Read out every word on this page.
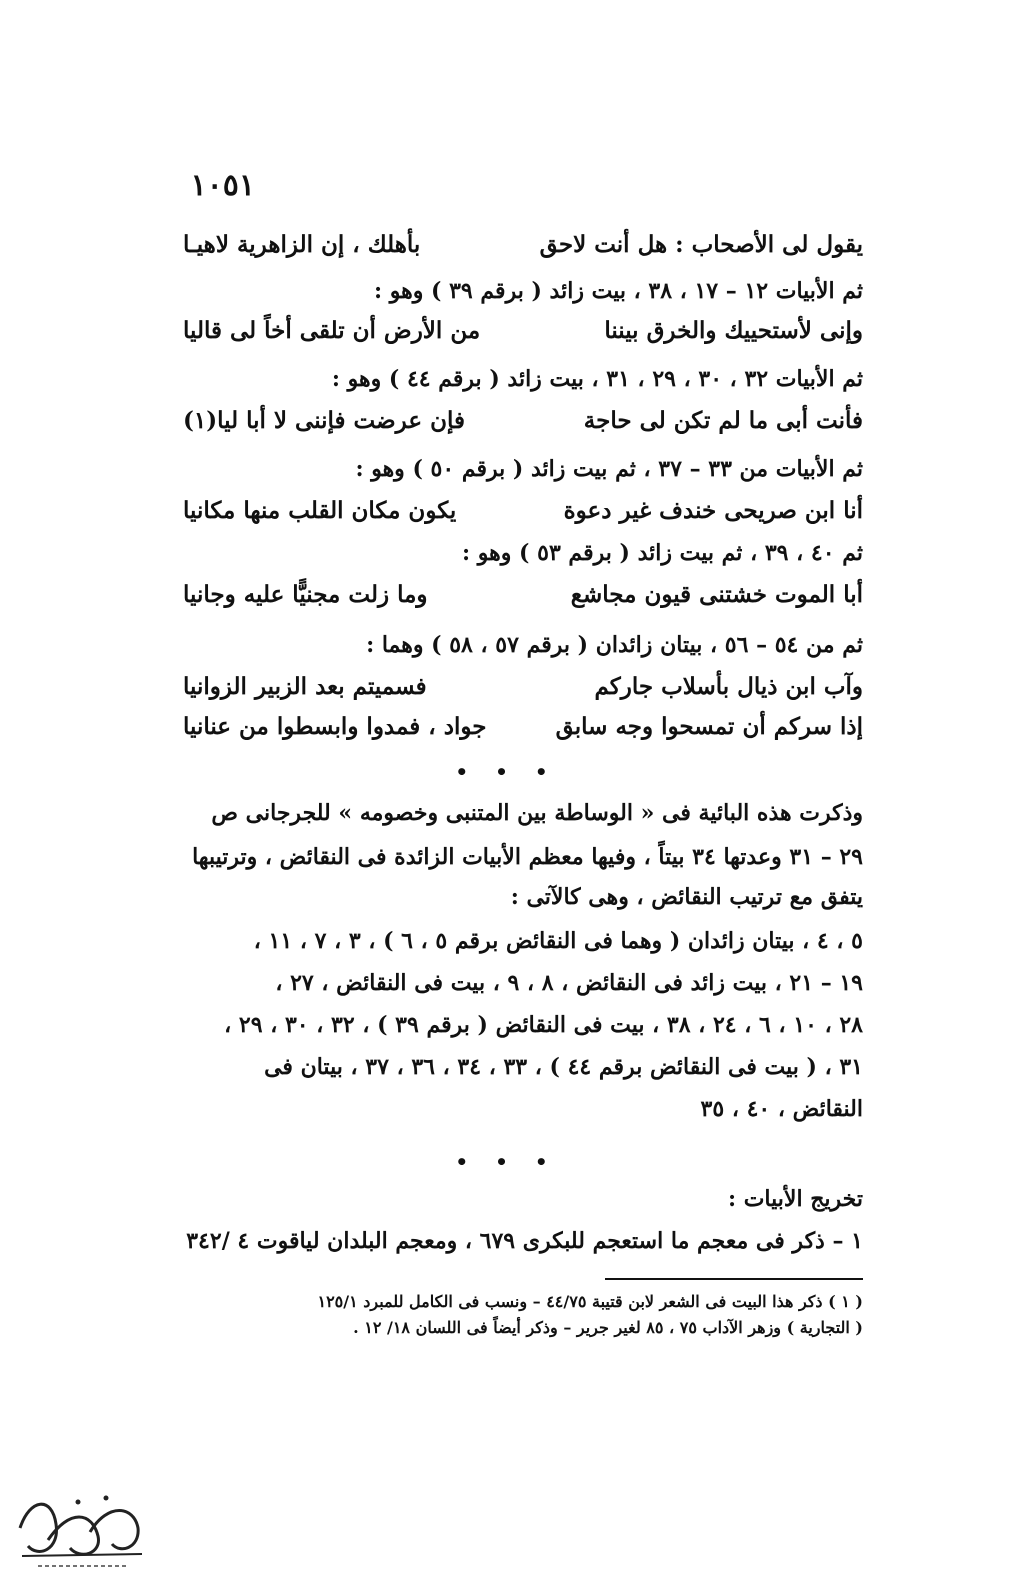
١٠٥١
يقول لى الأصحاب : هل أنت لاحق
بأهلك ، إن الزاهرية لاهيـا
ثم الأبيات ١٢ – ١٧ ، ٣٨ ، بيت زائد ( برقم ٣٩ ) وهو :
وإنى لأستحييك والخرق بيننا
من الأرض أن تلقى أخاً لى قاليا
ثم الأبيات ٣٢ ، ٣٠ ، ٢٩ ، ٣١ ، بيت زائد ( برقم ٤٤ ) وهو :
فأنت أبى ما لم تكن لى حاجة
فإن عرضت فإننى لا أبا ليا(١)
ثم الأبيات من ٣٣ – ٣٧ ، ثم بيت زائد ( برقم ٥٠ ) وهو :
أنا ابن صريحى خندف غير دعوة
يكون مكان القلب منها مكانيا
ثم ٤٠ ، ٣٩ ، ثم بيت زائد ( برقم ٥٣ ) وهو :
أبا الموت خشتنى قيون مجاشع
وما زلت مجنيًّا عليه وجانيا
ثم من ٥٤ – ٥٦ ، بيتان زائدان ( برقم ٥٧ ، ٥٨ ) وهما :
وآب ابن ذيال بأسلاب جاركم
فسميتم بعد الزبير الزوانيا
إذا سركم أن تمسحوا وجه سابق
جواد ، فمدوا وابسطوا من عنانيا
• • •
وذكرت هذه البائية فى « الوساطة بين المتنبى وخصومه » للجرجانى ص
٢٩ – ٣١ وعدتها ٣٤ بيتاً ، وفيها معظم الأبيات الزائدة فى النقائض ، وترتيبها
يتفق مع ترتيب النقائض ، وهى كالآتى :
٥ ، ٤ ، بيتان زائدان ( وهما فى النقائض برقم ٥ ، ٦ ) ، ٣ ، ٧ ، ١١ ،
١٩ – ٢١ ، بيت زائد فى النقائض ، ٨ ، ٩ ، بيت فى النقائض ، ٢٧ ،
٢٨ ، ١٠ ، ٦ ، ٢٤ ، ٣٨ ، بيت فى النقائض ( برقم ٣٩ ) ، ٣٢ ، ٣٠ ، ٢٩ ،
٣١ ، ( بيت فى النقائض برقم ٤٤ ) ، ٣٣ ، ٣٤ ، ٣٦ ، ٣٧ ، بيتان فى
النقائض ، ٤٠ ، ٣٥
• • •
تخريج الأبيات :
١ – ذكر فى معجم ما استعجم للبكرى ٦٧٩ ، ومعجم البلدان لياقوت ٤ /٣٤٢
( ١ ) ذكر هذا البيت فى الشعر لابن قتيبة ٤٤/٧٥ – ونسب فى الكامل للمبرد ١٢٥/١
( التجارية ) وزهر الآداب ٧٥ ، ٨٥ لغير جرير – وذكر أيضاً فى اللسان ١٨/ ١٢ .
